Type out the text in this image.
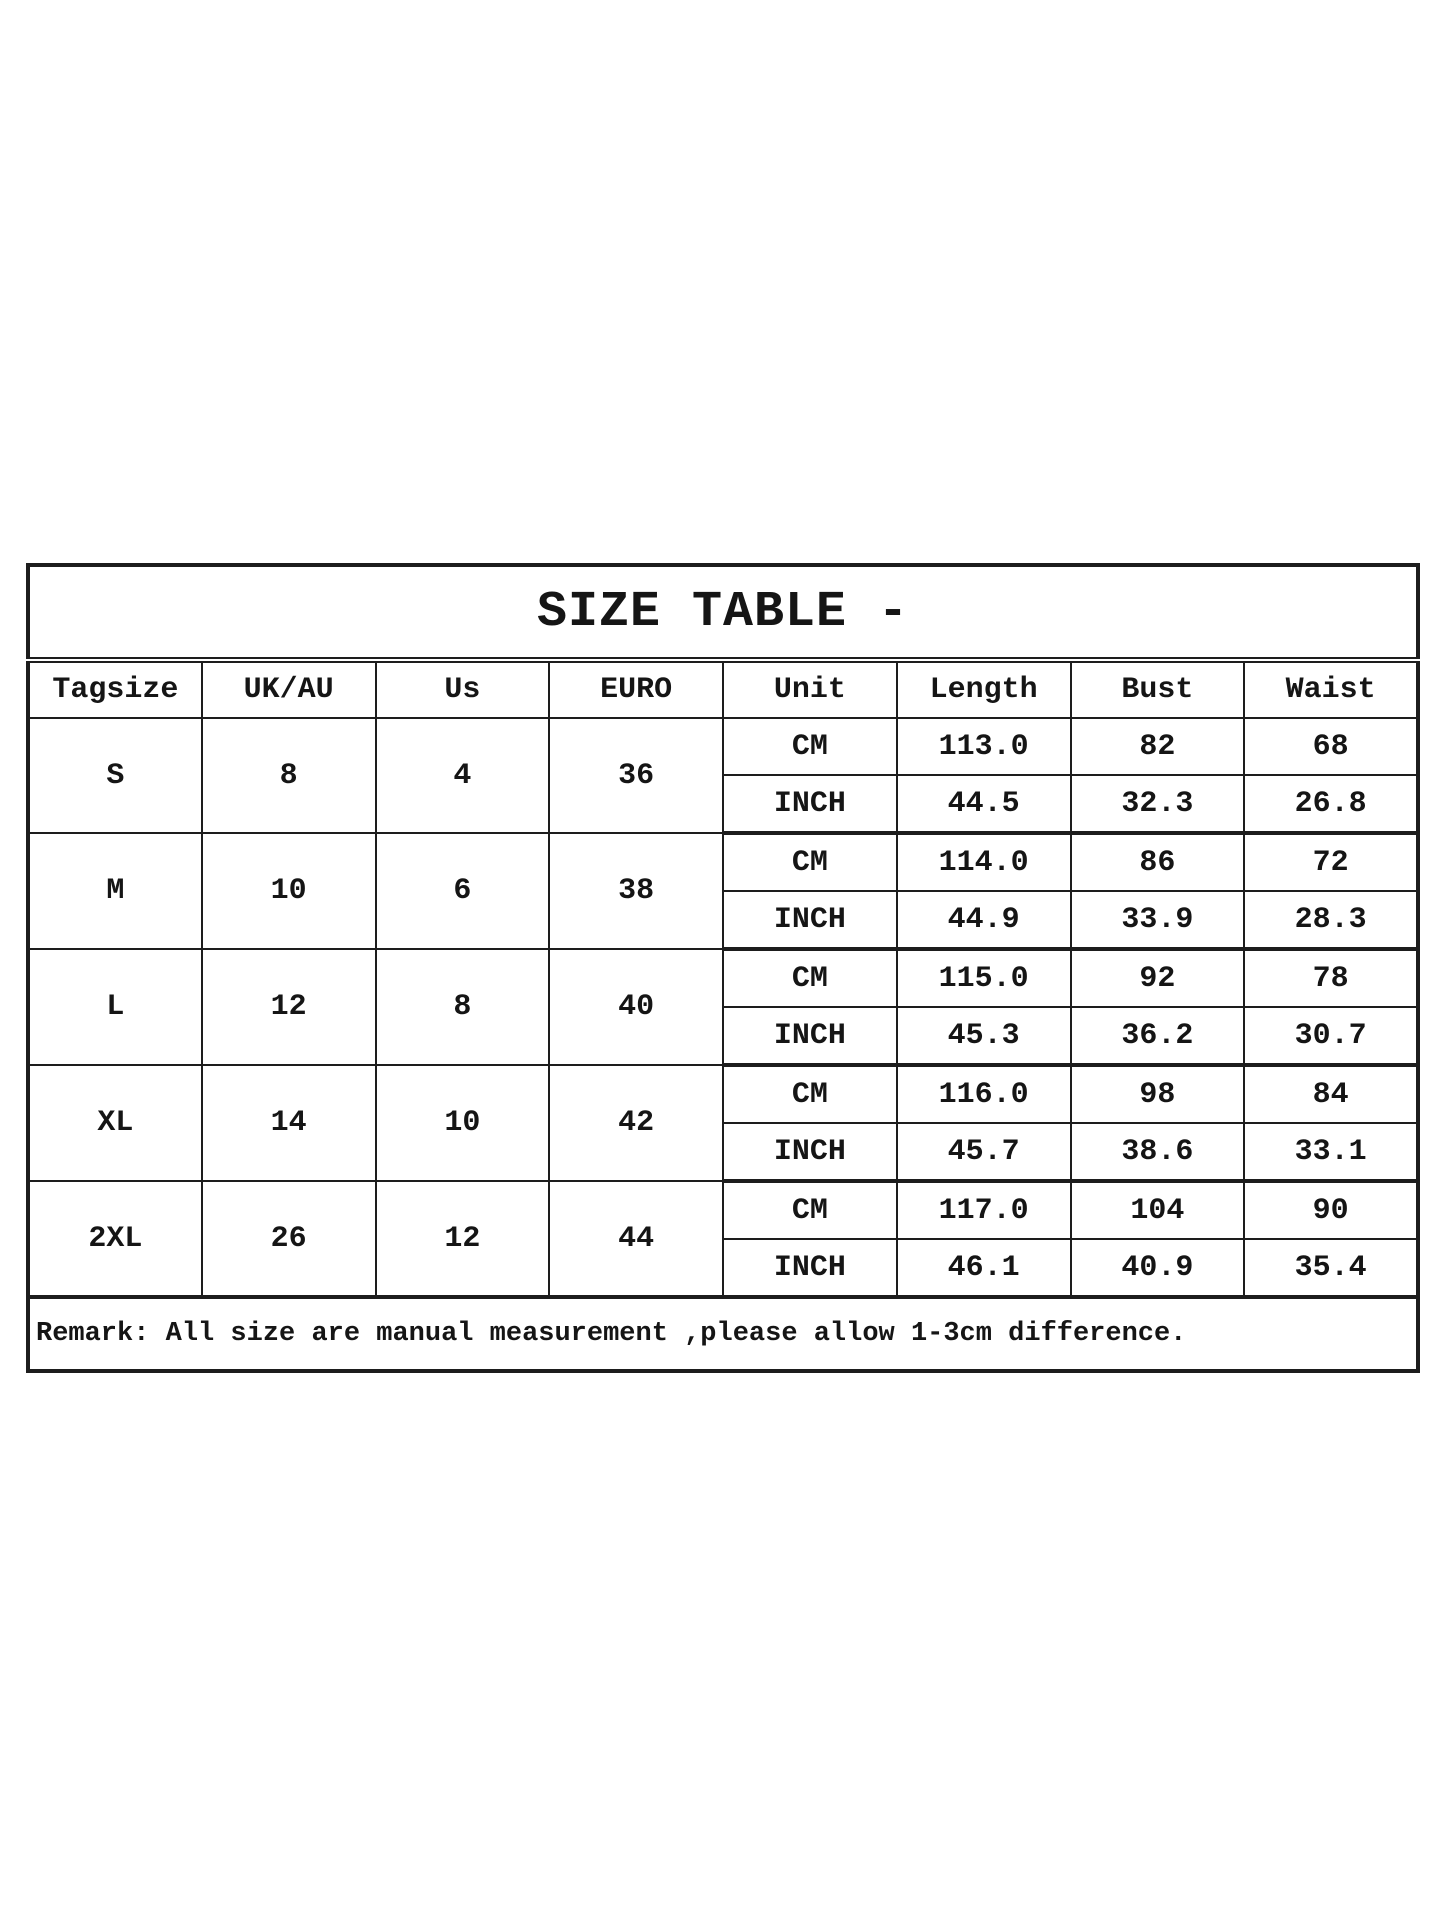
SIZE TABLE -							
Tagsize	UK/AU	Us	EURO	Unit	Length	Bust	Waist
S	8	4	36	CM	113.0	82	68
				INCH	44.5	32.3	26.8
M	10	6	38	CM	114.0	86	72
				INCH	44.9	33.9	28.3
L	12	8	40	CM	115.0	92	78
				INCH	45.3	36.2	30.7
XL	14	10	42	CM	116.0	98	84
				INCH	45.7	38.6	33.1
2XL	26	12	44	CM	117.0	104	90
				INCH	46.1	40.9	35.4
Remark: All size are manual measurement ,please allow 1-3cm difference.							
